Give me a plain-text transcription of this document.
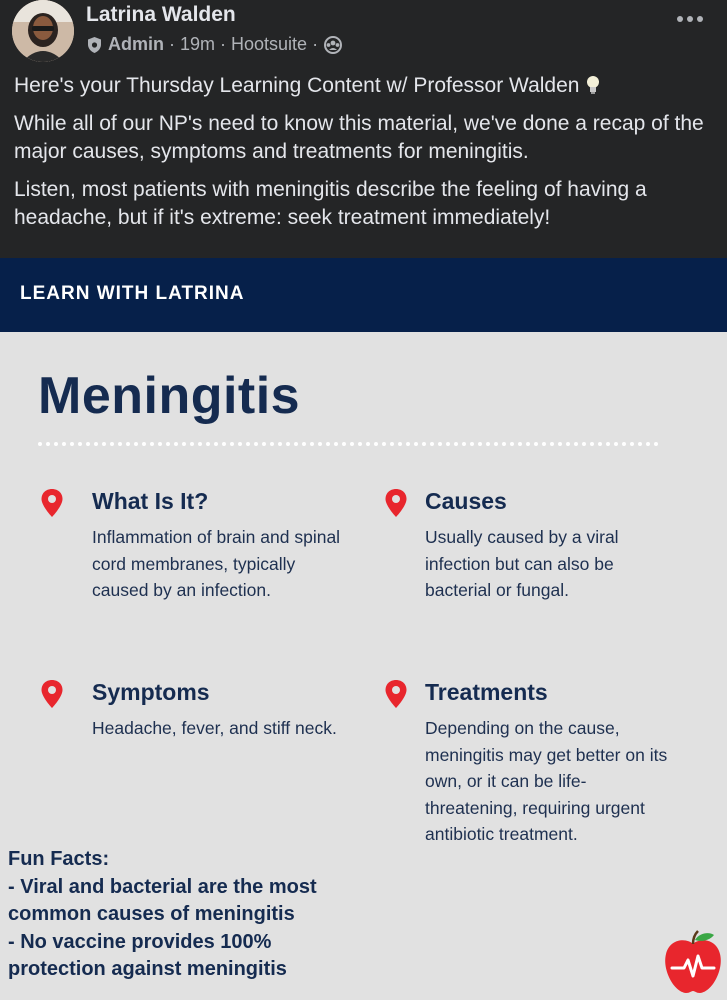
Latrina Walden
Admin · 19m · Hootsuite ·

Here's your Thursday Learning Content w/ Professor Walden

While all of our NP's need to know this material, we've done a recap of the major causes, symptoms and treatments for meningitis.

Listen, most patients with meningitis describe the feeling of having a headache, but if it's extreme: seek treatment immediately!

LEARN WITH LATRINA
Meningitis
What Is It?
Inflammation of brain and spinal cord membranes, typically caused by an infection.
Causes
Usually caused by a viral infection but can also be bacterial or fungal.
Symptoms
Headache, fever, and stiff neck.
Treatments
Depending on the cause, meningitis may get better on its own, or it can be life-threatening, requiring urgent antibiotic treatment.
Fun Facts:
- Viral and bacterial are the most
common causes of meningitis
- No vaccine provides 100%
protection against meningitis
